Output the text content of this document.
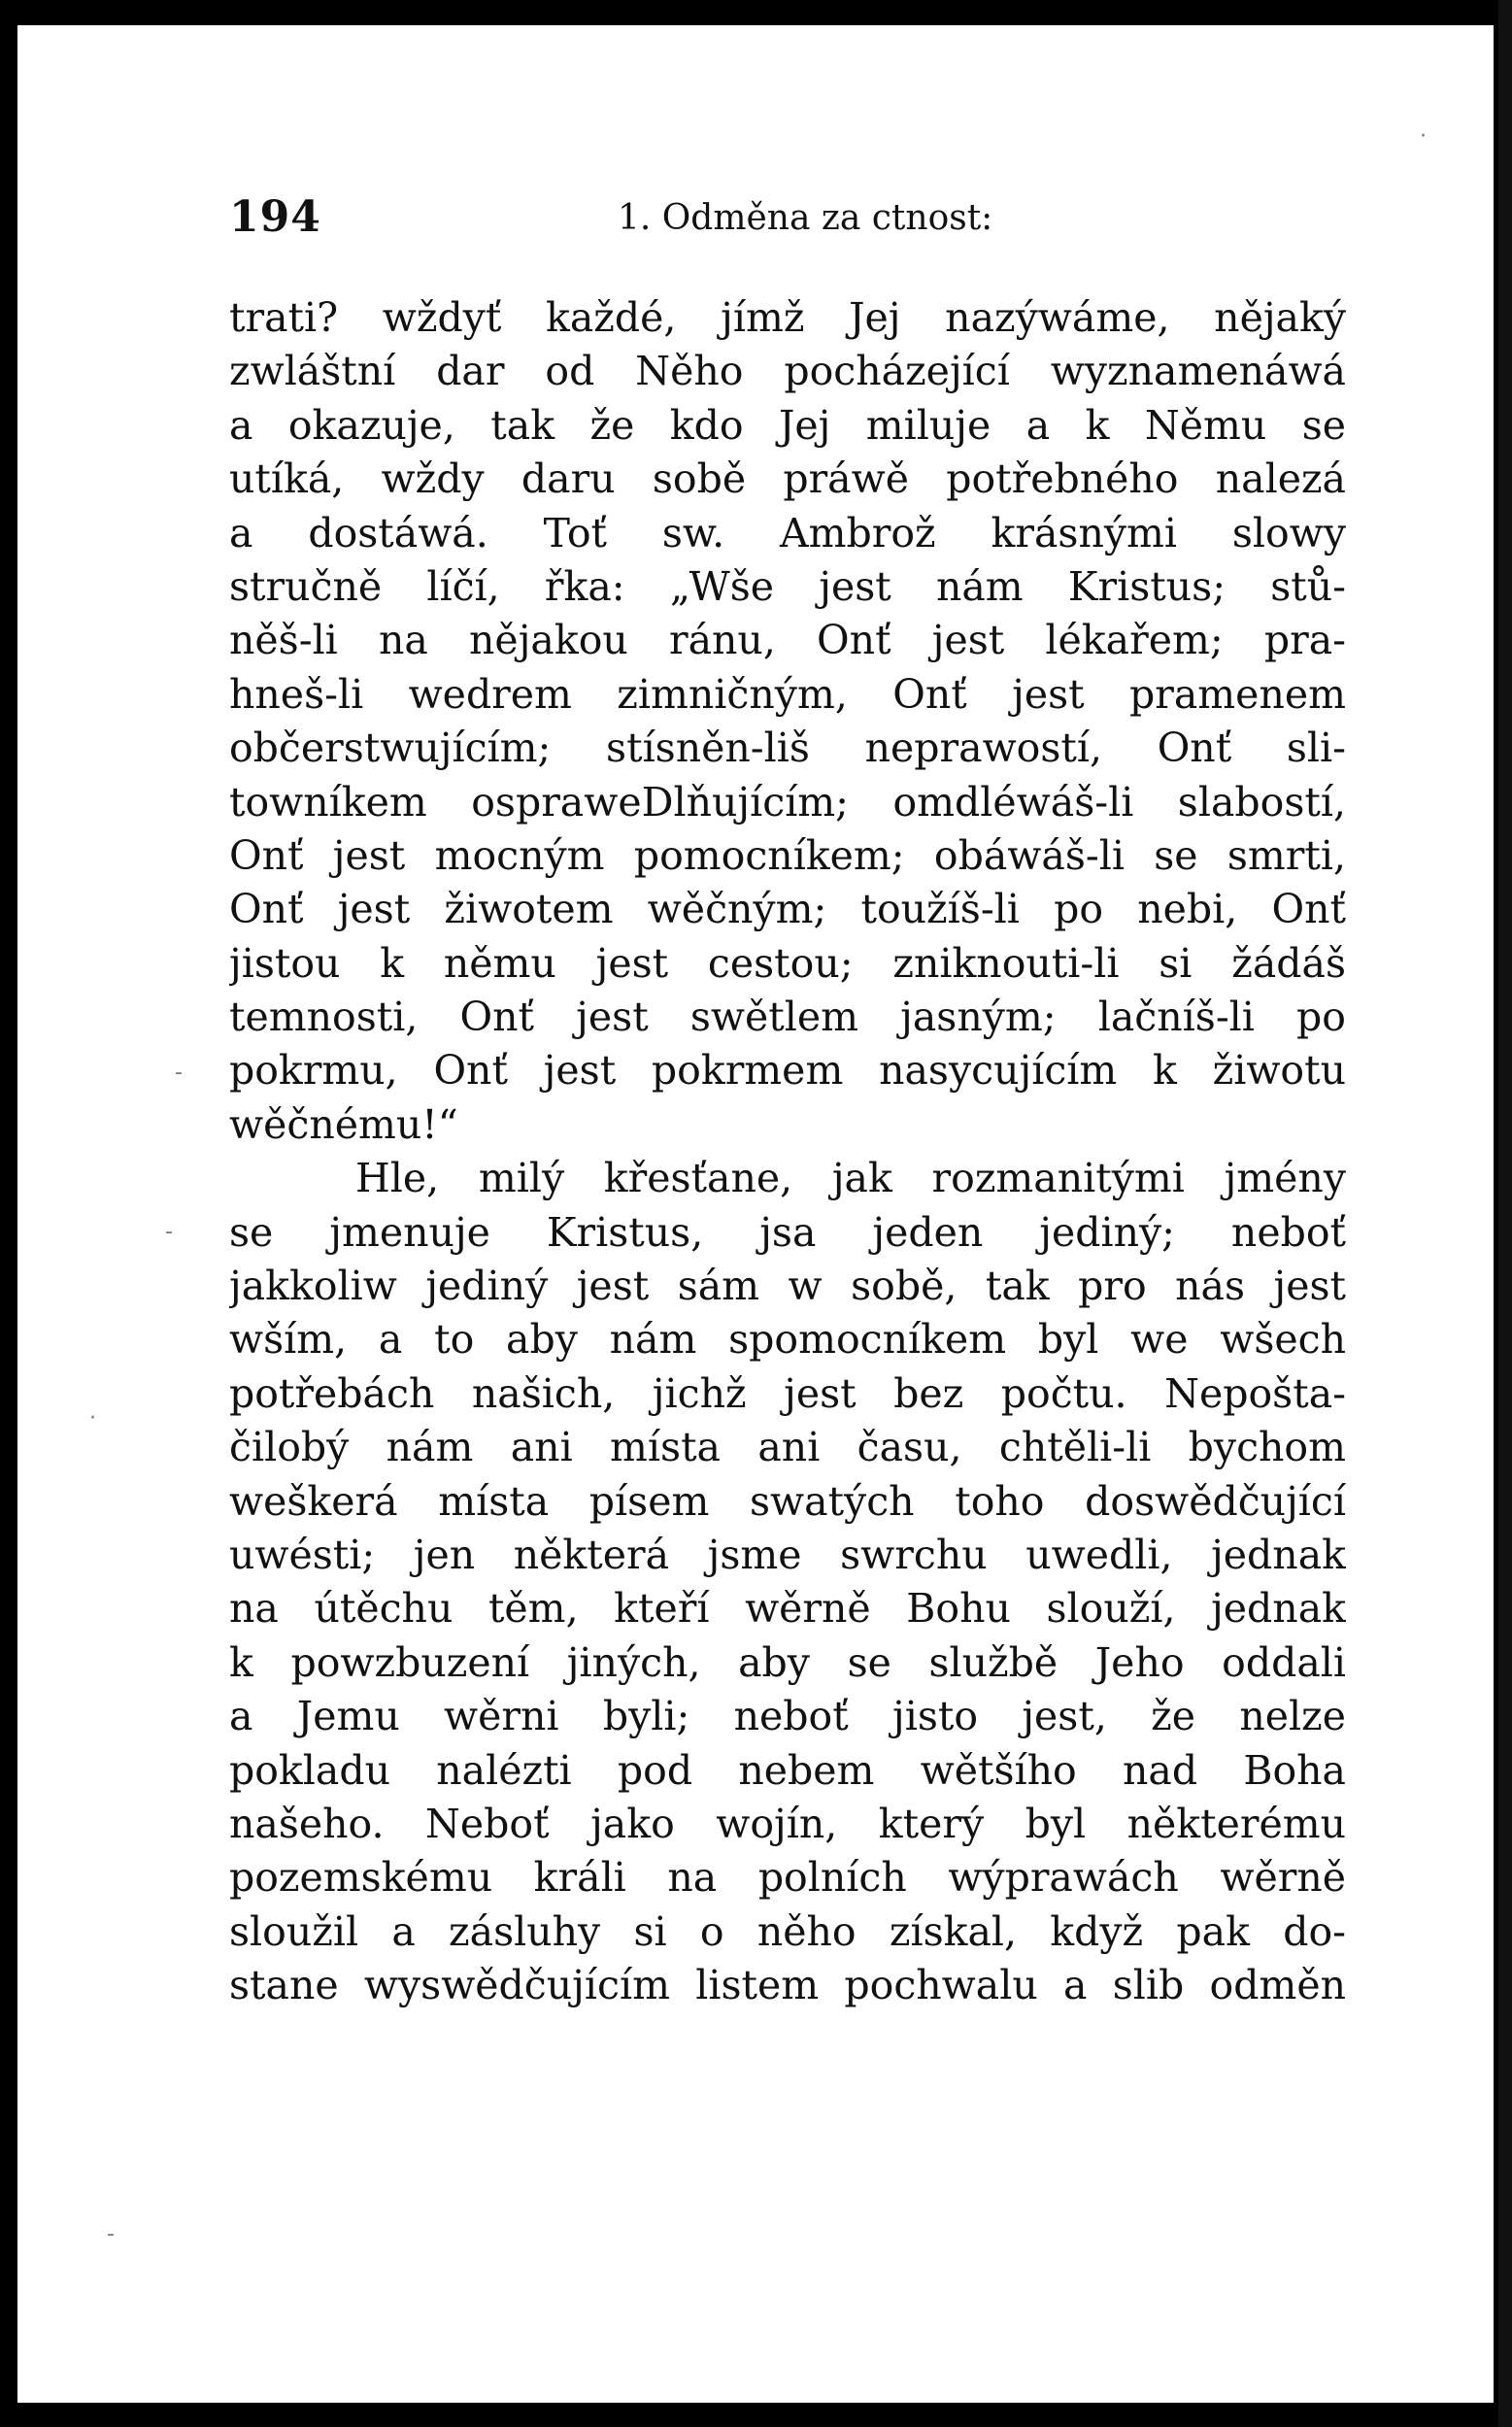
194	1. Odměna za ctnost:
trati? wždyť každé, jímž Jej nazýwáme, nějaký
zwláštní dar od Něho pocházející wyznamenáwá
a okazuje, tak že kdo Jej miluje a k Němu se
utíká, wždy daru sobě práwě potřebného nalezá
a dostáwá. Toť sw. Ambrož krásnými slowy
stručně líčí, řka: „Wše jest nám Kristus; stů-
něš-li na nějakou ránu, Onť jest lékařem; pra-
hneš-li wedrem zimničným, Onť jest pramenem
občerstwujícím; stísněn-liš neprawostí, Onť sli-
towníkem ospraweDlňujícím; omdléwáš-li slabostí,
Onť jest mocným pomocníkem; obáwáš-li se smrti,
Onť jest žiwotem wěčným; toužíš-li po nebi, Onť
jistou k němu jest cestou; zniknouti-li si žádáš
temnosti, Onť jest swětlem jasným; lačníš-li po
pokrmu, Onť jest pokrmem nasycujícím k žiwotu
wěčnému!“
Hle, milý křesťane, jak rozmanitými jmény
se jmenuje Kristus, jsa jeden jediný; neboť
jakkoliw jediný jest sám w sobě, tak pro nás jest
wším, a to aby nám spomocníkem byl we wšech
potřebách našich, jichž jest bez počtu. Nepošta-
čilobý nám ani místa ani času, chtěli-li bychom
weškerá místa písem swatých toho doswědčující
uwésti; jen některá jsme swrchu uwedli, jednak
na útěchu těm, kteří wěrně Bohu slouží, jednak
k powzbuzení jiných, aby se službě Jeho oddali
a Jemu wěrni byli; neboť jisto jest, že nelze
pokladu nalézti pod nebem wětšího nad Boha
našeho. Neboť jako wojín, který byl některému
pozemskému králi na polních wýprawách wěrně
sloužil a zásluhy si o něho získal, když pak do-
stane wyswědčujícím listem pochwalu a slib odměn
·
-
-
·
-
